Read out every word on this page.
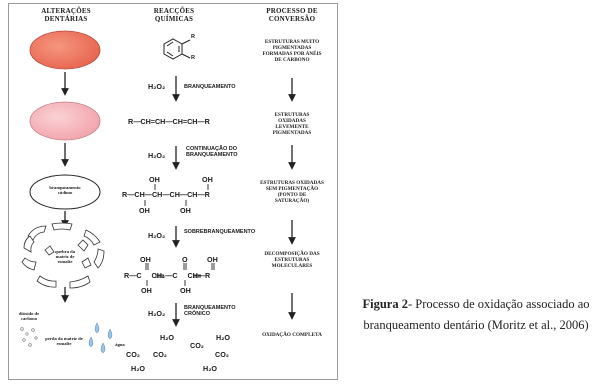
ALTERAÇÕES DENTÁRIAS
REACÇÕES QUÍMICAS
PROCESSO DE CONVERSÃO
branqueamento cúdimo
quebra da matriz de esmalte
dióxido de carbono
perda da matriz de esmalte	água
R
R
H₂O₂	BRANQUEAMENTO
R—CH=CH—CH=CH—R
H₂O₂
CONTINUAÇÃO DO BRANQUEAMENTO
OH	OH
R—CH—CH—CH—CH—R
OH	OH
H₂O₂	SOBREBRANQUEAMENTO
OH	O	OH
R—C     CH₂—C     CH—R
OH	OH
H₂O₂
BRANQUEAMENTO CRÓNICO
H₂O	H₂O
CO₂
CO₂ CO₂	CO₂
H₂O	H₂O
ESTRUTURAS MUITO PIGMENTADAS FORMADAS POR ANÉIS DE CARBONO
ESTRUTURAS OXIDADAS LEVEMENTE PIGMENTADAS
ESTRUTURAS OXIDADAS SEM PIGMENTAÇÃO (PONTO DE SATURAÇÃO)
DECOMPOSIÇÃO DAS ESTRUTURAS MOLECULARES
OXIDAÇÃO COMPLETA
Figura 2- Processo de oxidação associado ao branqueamento dentário (Moritz et al., 2006)
